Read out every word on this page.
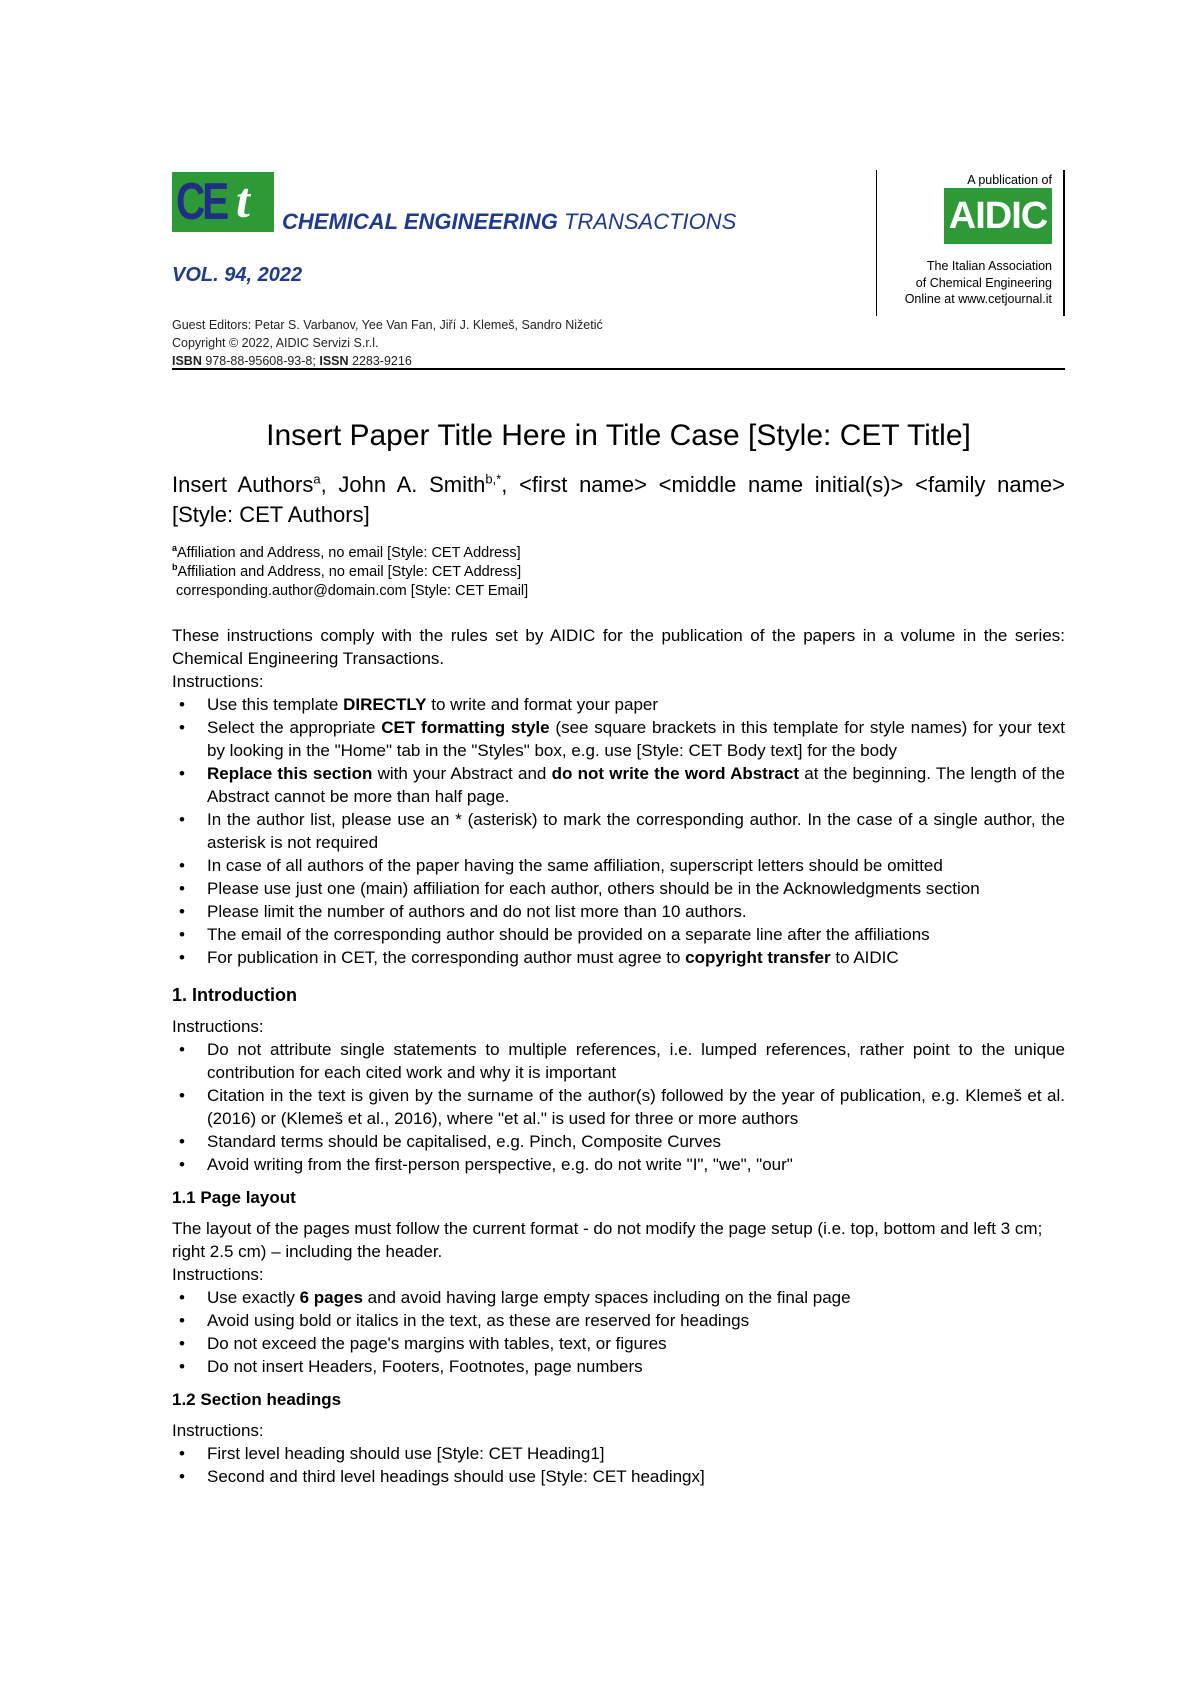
CE t CHEMICAL ENGINEERING TRANSACTIONS
VOL. 94, 2022
Guest Editors: Petar S. Varbanov, Yee Van Fan, Jiří J. Klemeš, Sandro Nižetić
Copyright © 2022, AIDIC Servizi S.r.l.
ISBN 978-88-95608-93-8; ISSN 2283-9216
A publication of
AIDIC
The Italian Association
of Chemical Engineering
Online at www.cetjournal.it
Insert Paper Title Here in Title Case [Style: CET Title]
Insert Authors$^a$, John A. Smith$^{b,*}$, <first name> <middle name initial(s)> <family name> [Style: CET Authors]
$^a$Affiliation and Address, no email [Style: CET Address]
$^b$Affiliation and Address, no email [Style: CET Address]
corresponding.author@domain.com [Style: CET Email]

These instructions comply with the rules set by AIDIC for the publication of the papers in a volume in the series: Chemical Engineering Transactions.

Instructions:

• Use this template DIRECTLY to write and format your paper
• Select the appropriate CET formatting style (see square brackets in this template for style names) for your text by looking in the "Home" tab in the "Styles" box, e.g. use [Style: CET Body text] for the body
• Replace this section with your Abstract and do not write the word Abstract at the beginning. The length of the Abstract cannot be more than half page.
• In the author list, please use an * (asterisk) to mark the corresponding author. In the case of a single author, the asterisk is not required
• In case of all authors of the paper having the same affiliation, superscript letters should be omitted
• Please use just one (main) affiliation for each author, others should be in the Acknowledgments section
• Please limit the number of authors and do not list more than 10 authors.
• The email of the corresponding author should be provided on a separate line after the affiliations
• For publication in CET, the corresponding author must agree to copyright transfer to AIDIC
1. Introduction

Instructions:

• Do not attribute single statements to multiple references, i.e. lumped references, rather point to the unique contribution for each cited work and why it is important
• Citation in the text is given by the surname of the author(s) followed by the year of publication, e.g. Klemeš et al. (2016) or (Klemeš et al., 2016), where "et al." is used for three or more authors
• Standard terms should be capitalised, e.g. Pinch, Composite Curves
• Avoid writing from the first-person perspective, e.g. do not write "I", "we", "our"
1.1 Page layout

The layout of the pages must follow the current format - do not modify the page setup (i.e. top, bottom and left 3 cm; right 2.5 cm) – including the header.

Instructions:

• Use exactly 6 pages and avoid having large empty spaces including on the final page
• Avoid using bold or italics in the text, as these are reserved for headings
• Do not exceed the page's margins with tables, text, or figures
• Do not insert Headers, Footers, Footnotes, page numbers
1.2 Section headings

Instructions:

• First level heading should use [Style: CET Heading1]
• Second and third level headings should use [Style: CET headingx]
